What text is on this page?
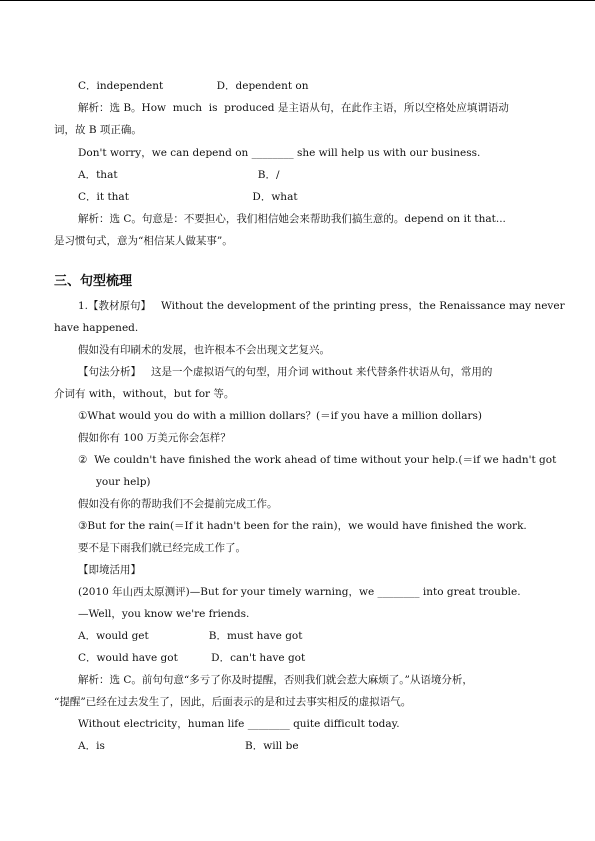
C．independent                D．dependent on
解析：选 B。How  much  is  produced 是主语从句，在此作主语，所以空格处应填谓语动
词，故 B 项正确。
Don't worry，we can depend on ________ she will help us with our business.
A．that                                          B．/
C．it that                                     D．what
解析：选 C。句意是：不要担心，我们相信她会来帮助我们搞生意的。depend on it that...
是习惯句式，意为“相信某人做某事”。
三、句型梳理
1.【教材原句】   Without the development of the printing press，the Renaissance may never
have happened.
假如没有印刷术的发展，也许根本不会出现文艺复兴。
【句法分析】   这是一个虚拟语气的句型，用介词 without 来代替条件状语从句，常用的
介词有 with，without，but for 等。
①What would you do with a million dollars？(＝if you have a million dollars)
假如你有 100 万美元你会怎样？
②  We couldn't have finished the work ahead of time without your help.(＝if we hadn't got
your help)
假如没有你的帮助我们不会提前完成工作。
③But for the rain(＝If it hadn't been for the rain)，we would have finished the work.
要不是下雨我们就已经完成工作了。
【即境活用】
(2010 年山西太原测评)—But for your timely warning，we ________ into great trouble.
—Well，you know we're friends.
A．would get                  B．must have got
C．would have got          D．can't have got
解析：选 C。前句句意“多亏了你及时提醒，否则我们就会惹大麻烦了。”从语境分析，
“提醒”已经在过去发生了，因此，后面表示的是和过去事实相反的虚拟语气。
Without electricity，human life ________ quite difficult today.
A．is                                          B．will be
